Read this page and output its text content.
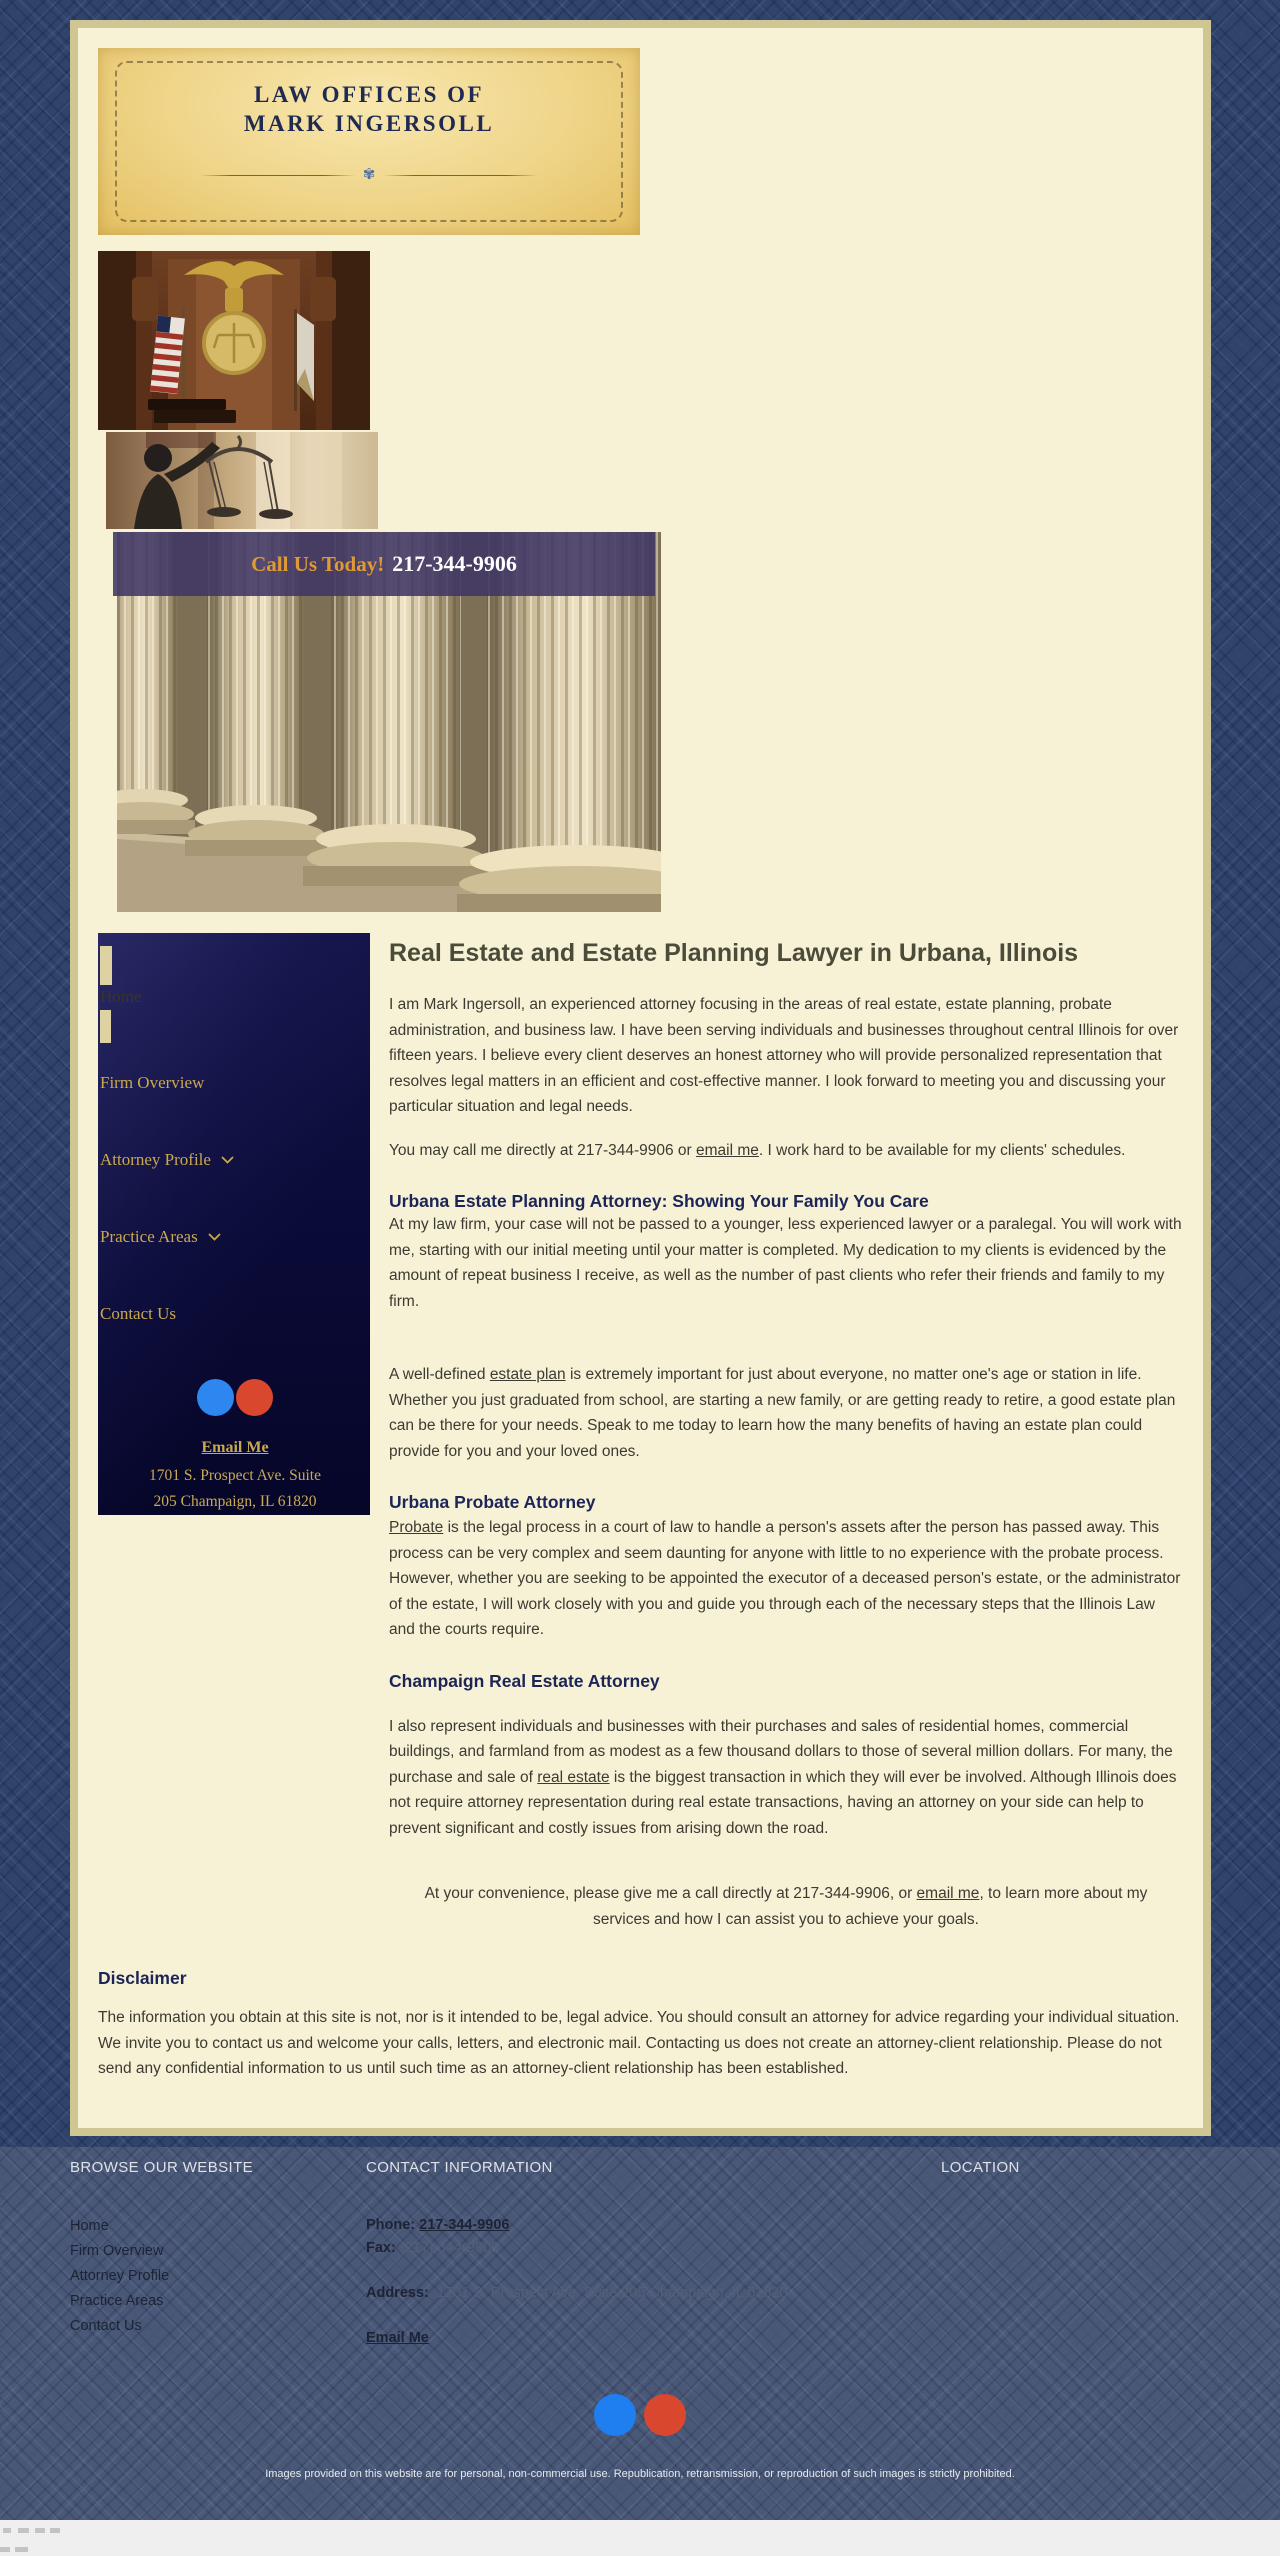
LAW OFFICES OF
MARK INGERSOLL
✾
Call Us Today! 217-344-9906
Home
Firm Overview
Attorney Profile
Practice Areas
Contact Us
Email Me
1701 S. Prospect Ave. Suite
205 Champaign, IL 61820
Real Estate and Estate Planning Lawyer in Urbana, Illinois

I am Mark Ingersoll, an experienced attorney focusing in the areas of real estate, estate planning, probate administration, and business law. I have been serving individuals and businesses throughout central Illinois for over fifteen years. I believe every client deserves an honest attorney who will provide personalized representation that resolves legal matters in an efficient and cost-effective manner. I look forward to meeting you and discussing your particular situation and legal needs.

You may call me directly at 217-344-9906 or email me. I work hard to be available for my clients' schedules.

Urbana Estate Planning Attorney: Showing Your Family You Care

At my law firm, your case will not be passed to a younger, less experienced lawyer or a paralegal. You will work with me, starting with our initial meeting until your matter is completed. My dedication to my clients is evidenced by the amount of repeat business I receive, as well as the number of past clients who refer their friends and family to my firm.

A well-defined estate plan is extremely important for just about everyone, no matter one's age or station in life. Whether you just graduated from school, are starting a new family, or are getting ready to retire, a good estate plan can be there for your needs. Speak to me today to learn how the many benefits of having an estate plan could provide for you and your loved ones.

Urbana Probate Attorney

Probate is the legal process in a court of law to handle a person's assets after the person has passed away. This process can be very complex and seem daunting for anyone with little to no experience with the probate process. However, whether you are seeking to be appointed the executor of a deceased person's estate, or the administrator of the estate, I will work closely with you and guide you through each of the necessary steps that the Illinois Law and the courts require.

Champaign Real Estate Attorney

I also represent individuals and businesses with their purchases and sales of residential homes, commercial buildings, and farmland from as modest as a few thousand dollars to those of several million dollars. For many, the purchase and sale of real estate is the biggest transaction in which they will ever be involved. Although Illinois does not require attorney representation during real estate transactions, having an attorney on your side can help to prevent significant and costly issues from arising down the road.

At your convenience, please give me a call directly at 217-344-9906, or email me, to learn more about my services and how I can assist you to achieve your goals.

Disclaimer

The information you obtain at this site is not, nor is it intended to be, legal advice. You should consult an attorney for advice regarding your individual situation. We invite you to contact us and welcome your calls, letters, and electronic mail. Contacting us does not create an attorney-client relationship. Please do not send any confidential information to us until such time as an attorney-client relationship has been established.

BROWSE OUR WEBSITE
Home
Firm Overview
Attorney Profile
Practice Areas
Contact Us
CONTACT INFORMATION
Phone: 217-344-9906
Fax: (217) 344-9908
Address: 1701 S. Prospect Ave. Suite 205 Champaign, IL 61820
Email Me
LOCATION
Images provided on this website are for personal, non-commercial use. Republication, retransmission, or reproduction of such images is strictly prohibited.
